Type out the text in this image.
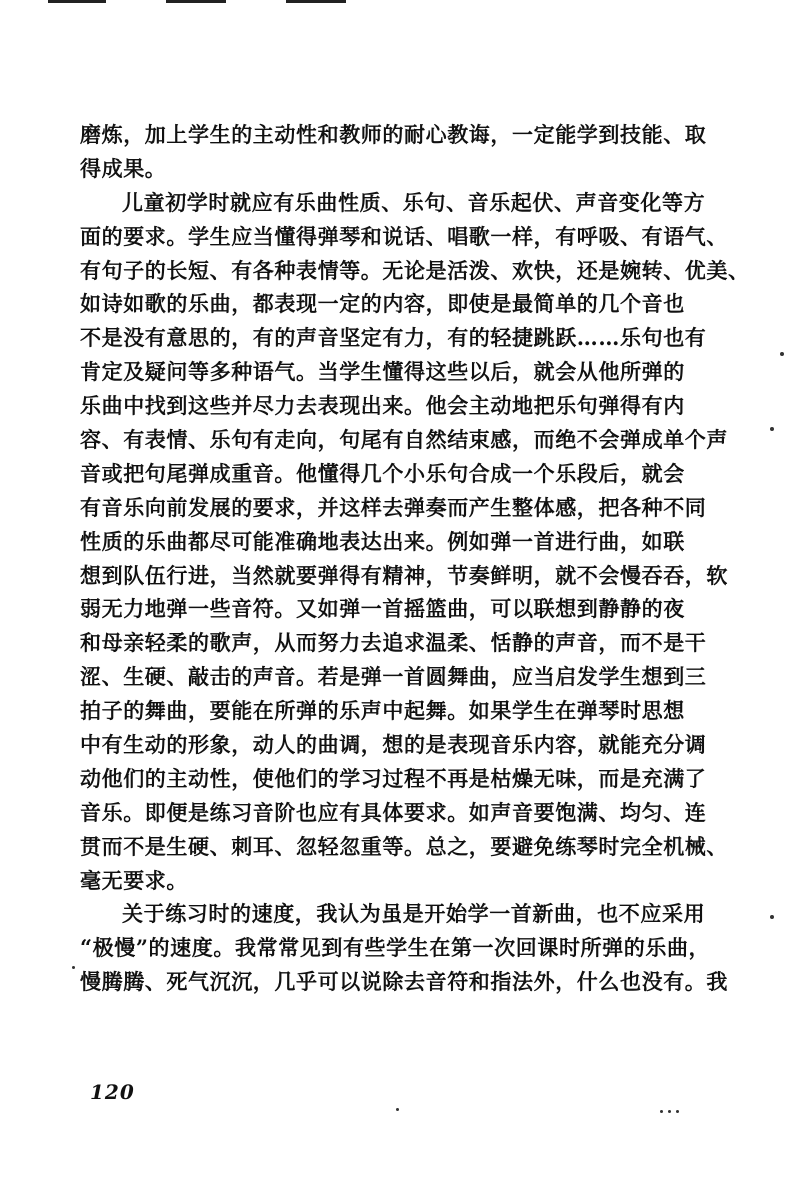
磨炼，加上学生的主动性和教师的耐心教诲，一定能学到技能、取
得成果。
儿童初学时就应有乐曲性质、乐句、音乐起伏、声音变化等方
面的要求。学生应当懂得弹琴和说话、唱歌一样，有呼吸、有语气、
有句子的长短、有各种表情等。无论是活泼、欢快，还是婉转、优美、
如诗如歌的乐曲，都表现一定的内容，即使是最简单的几个音也
不是没有意思的，有的声音坚定有力，有的轻捷跳跃……乐句也有
肯定及疑问等多种语气。当学生懂得这些以后，就会从他所弹的
乐曲中找到这些并尽力去表现出来。他会主动地把乐句弹得有内
容、有表情、乐句有走向，句尾有自然结束感，而绝不会弹成单个声
音或把句尾弹成重音。他懂得几个小乐句合成一个乐段后，就会
有音乐向前发展的要求，并这样去弹奏而产生整体感，把各种不同
性质的乐曲都尽可能准确地表达出来。例如弹一首进行曲，如联
想到队伍行进，当然就要弹得有精神，节奏鲜明，就不会慢吞吞，软
弱无力地弹一些音符。又如弹一首摇篮曲，可以联想到静静的夜
和母亲轻柔的歌声，从而努力去追求温柔、恬静的声音，而不是干
涩、生硬、敲击的声音。若是弹一首圆舞曲，应当启发学生想到三
拍子的舞曲，要能在所弹的乐声中起舞。如果学生在弹琴时思想
中有生动的形象，动人的曲调，想的是表现音乐内容，就能充分调
动他们的主动性，使他们的学习过程不再是枯燥无味，而是充满了
音乐。即便是练习音阶也应有具体要求。如声音要饱满、均匀、连
贯而不是生硬、刺耳、忽轻忽重等。总之，要避免练琴时完全机械、
毫无要求。
关于练习时的速度，我认为虽是开始学一首新曲，也不应采用
“极慢”的速度。我常常见到有些学生在第一次回课时所弹的乐曲，
慢腾腾、死气沉沉，几乎可以说除去音符和指法外，什么也没有。我
120
